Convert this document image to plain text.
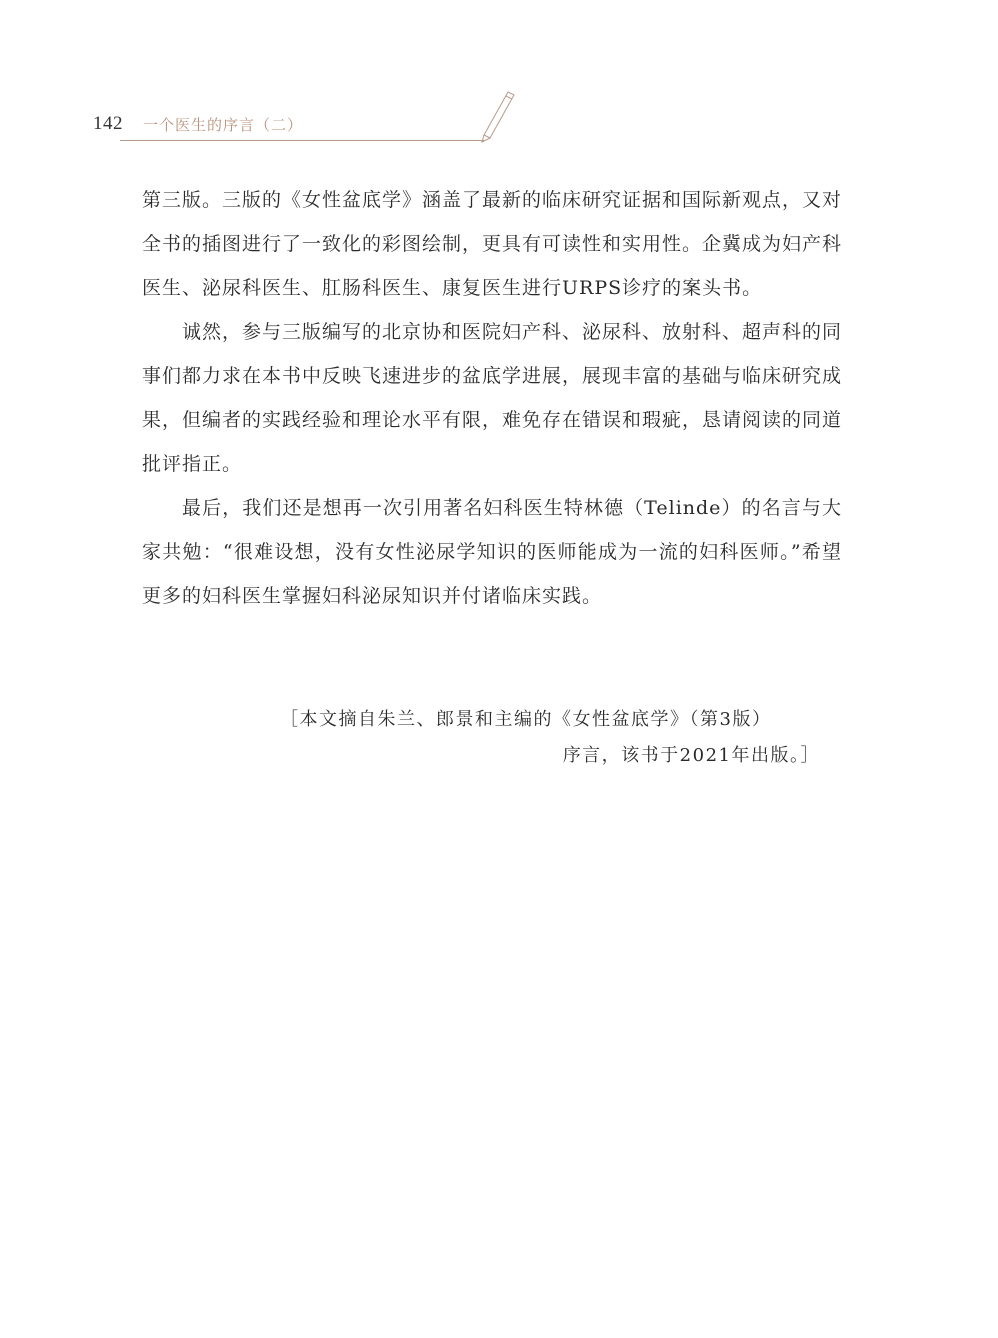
142 一个医生的序言（二）

第三版。三版的《女性盆底学》涵盖了最新的临床研究证据和国际新观点，又对全书的插图进行了一致化的彩图绘制，更具有可读性和实用性。企冀成为妇产科医生、泌尿科医生、肛肠科医生、康复医生进行URPS诊疗的案头书。

诚然，参与三版编写的北京协和医院妇产科、泌尿科、放射科、超声科的同事们都力求在本书中反映飞速进步的盆底学进展，展现丰富的基础与临床研究成果，但编者的实践经验和理论水平有限，难免存在错误和瑕疵，恳请阅读的同道批评指正。

最后，我们还是想再一次引用著名妇科医生特林德（Telinde）的名言与大家共勉：“很难设想，没有女性泌尿学知识的医师能成为一流的妇科医师。”希望更多的妇科医生掌握妇科泌尿知识并付诸临床实践。

［本文摘自朱兰、郎景和主编的《女性盆底学》（第3版）
序言，该书于2021年出版。］
